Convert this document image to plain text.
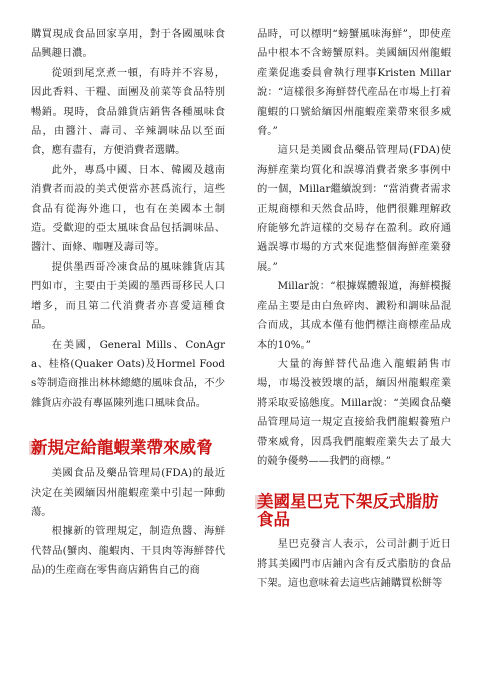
購買現成食品回家享用，對于各國風味食品興趣日濃。

從頭到尾烹煮一頓，有時并不容易，因此香料、干糧、面團及前菜等食品特別暢銷。現時，食品雜貨店銷售各種風味食品，由醬汁、壽司、辛辣調味品以至面食，應有盡有，方便消費者選購。

此外，專爲中國、日本、韓國及越南消費者而設的美式便當亦甚爲流行，這些食品有從海外進口，也有在美國本土制造。受歡迎的亞太風味食品包括調味品、醬汁、面條、咖喱及壽司等。

提供墨西哥冷凍食品的風味雜貨店其門如市，主要由于美國的墨西哥移民人口增多，而且第二代消費者亦喜愛這種食品。

在美國，General Mills、ConAgra、桂格(Quaker Oats)及Hormel Foods等制造商推出林林總總的風味食品，不少雜貨店亦設有專區陳列進口風味食品。

新規定給龍蝦業帶來威脅

美國食品及藥品管理局(FDA)的最近決定在美國緬因州龍蝦産業中引起一陣動蕩。

根據新的管理規定，制造魚醬、海鮮代替品(蟹肉、龍蝦肉、干貝肉等海鮮替代品)的生産商在零售商店銷售自己的商

品時，可以標明“螃蟹風味海鮮”，即使産品中根本不含螃蟹原料。美國緬因州龍蝦産業促進委員會執行理事Kristen Millar說：“這樣很多海鮮替代産品在市場上打着龍蝦的口號給緬因州龍蝦産業帶來很多威脅。”

這只是美國食品藥品管理局(FDA)使海鮮産業均質化和誤導消費者衆多事例中的一個，Millar繼續說到：“當消費者需求正規商標和天然食品時，他們很難理解政府能够允許這樣的交易存在盈利。政府通過誤導市場的方式來促進整個海鮮産業發展。”

Millar說：“根據媒體報道，海鮮模擬産品主要是由白魚碎肉、澱粉和調味品混合而成，其成本僅有他們標注商標産品成本的10%。”

大量的海鮮替代品進入龍蝦銷售市場，市場没被毁壞的話，緬因州龍蝦産業將采取妥協態度。Millar說：“美國食品藥品管理局這一規定直接給我們龍蝦養殖户帶來威脅，因爲我們龍蝦産業失去了最大的競争優勢——我們的商標。”

美國星巴克下架反式脂肪食品

星巴克發言人表示，公司計劃于近日將其美國門市店鋪內含有反式脂肪的食品下架。這也意味着去這些店鋪購買松餅等
